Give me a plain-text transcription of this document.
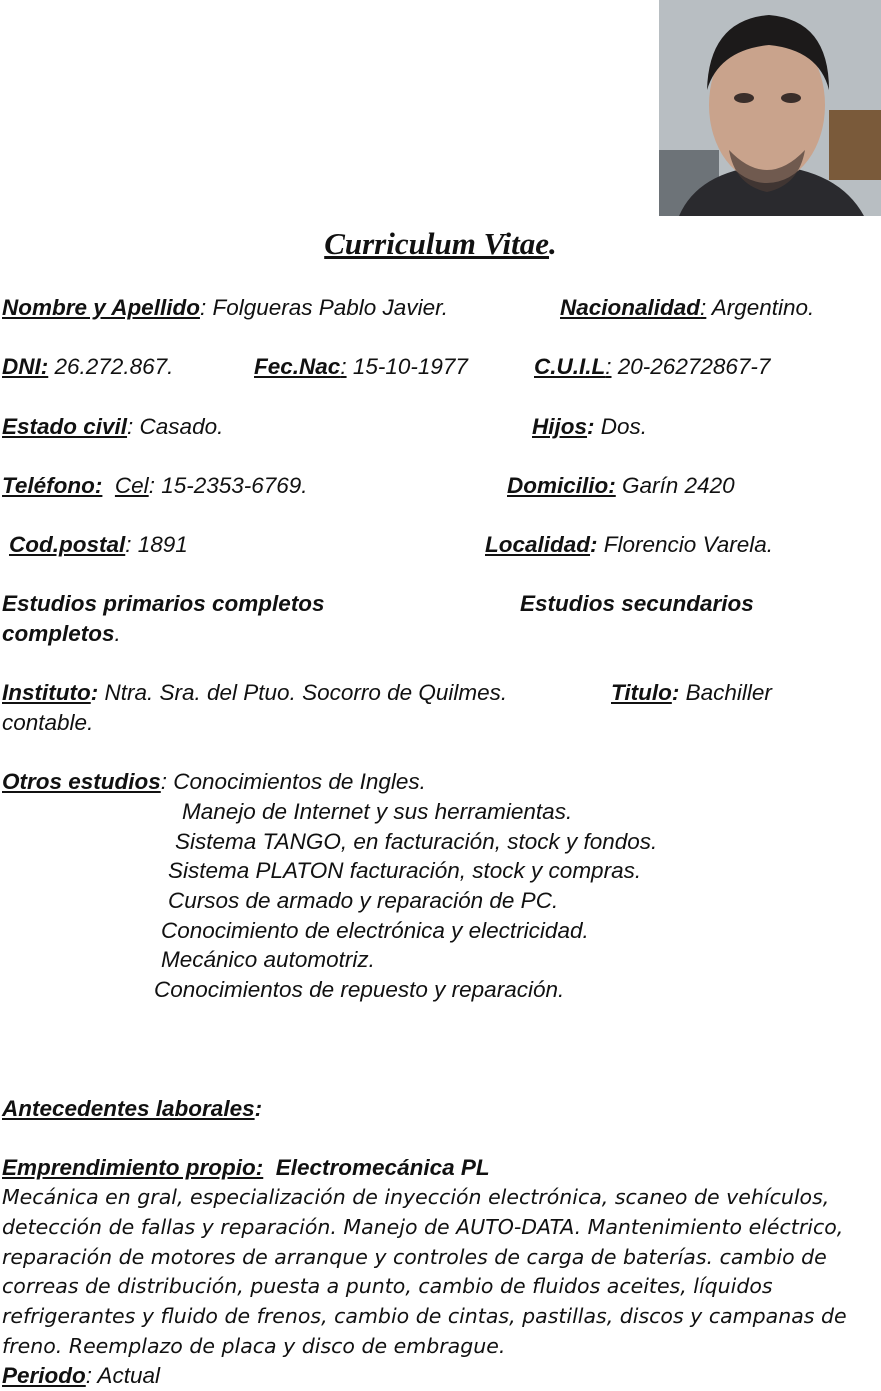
Curriculum Vitae.
Nombre y Apellido: Folgueras Pablo Javier.	Nacionalidad: Argentino.
DNI: 26.272.867.	Fec.Nac: 15-10-1977	C.U.I.L: 20-26272867-7
Estado civil: Casado.	Hijos: Dos.
Teléfono: Cel: 15-2353-6769.	Domicilio: Garín 2420
Cod.postal: 1891	Localidad: Florencio Varela.
Estudios primarios completos	Estudios secundarios
completos.
Instituto: Ntra. Sra. del Ptuo. Socorro de Quilmes.	Titulo: Bachiller
contable.
Otros estudios: Conocimientos de Ingles.
Manejo de Internet y sus herramientas.
Sistema TANGO, en facturación, stock y fondos.
Sistema PLATON facturación, stock y compras.
Cursos de armado y reparación de PC.
Conocimiento de electrónica y electricidad.
Mecánico automotriz.
Conocimientos de repuesto y reparación.
Antecedentes laborales:
Emprendimiento propio:  Electromecánica PL
Mecánica en gral, especialización de inyección electrónica, scaneo de vehículos, detección de fallas y reparación. Manejo de AUTO-DATA. Mantenimiento eléctrico, reparación de motores de arranque y controles de carga de baterías. cambio de correas de distribución, puesta a punto, cambio de fluidos aceites, líquidos refrigerantes y fluido de frenos, cambio de cintas, pastillas, discos y campanas de freno. Reemplazo de placa y disco de embrague.
Periodo: Actual
